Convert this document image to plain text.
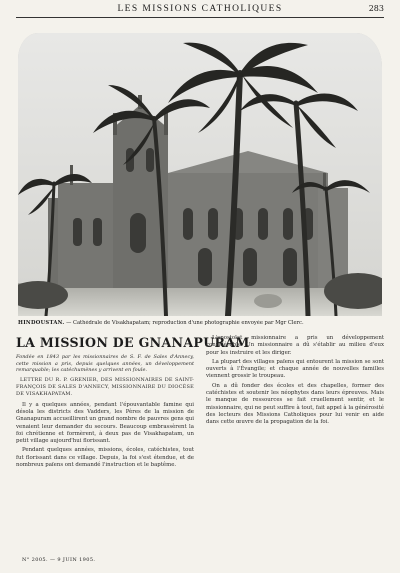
LES MISSIONS CATHOLIQUES	283
HINDOUSTAN. — Cathédrale de Visakhapatam; reproduction d'une photographie envoyée par Mgr Clerc.
LA MISSION DE GNANAPURAM
Fondée en 1843 par les missionnaires de S. F. de Sales d'Annecy, cette mission a pris, depuis quelques années, un développement remarquable; les catéchumènes y arrivent en foule.
LETTRE DU R. P. GRENIER, DES MISSIONNAIRES DE SAINT-FRANÇOIS DE SALES D'ANNECY, MISSIONNAIRE DU DIOCÈSE DE VISAKHAPATAM.

Il y a quelques années, pendant l'épouvantable famine qui désola les districts des Vadders, les Pères de la mission de Gnanapuram accueillirent un grand nombre de pauvres gens qui venaient leur demander du secours. Beaucoup embrassèrent la foi chrétienne et formèrent, à deux pas de Visakhapatam, un petit village aujourd'hui florissant.

Pendant quelques années, missions, écoles, catéchistes, tout fut florissant dans ce village. Depuis, la foi s'est étendue, et de nombreux païens ont demandé l'instruction et le baptême.

L'apostolat missionnaire a pris un développement considérable. Un missionnaire a dû s'établir au milieu d'eux pour les instruire et les diriger.

La plupart des villages païens qui entourent la mission se sont ouverts à l'Évangile; et chaque année de nouvelles familles viennent grossir le troupeau.

On a dû fonder des écoles et des chapelles, former des catéchistes et soutenir les néophytes dans leurs épreuves. Mais le manque de ressources se fait cruellement sentir, et le missionnaire, qui ne peut suffire à tout, fait appel à la générosité des lecteurs des Missions Catholiques pour lui venir en aide dans cette œuvre de la propagation de la foi.

N° 2005. — 9 JUIN 1905.
